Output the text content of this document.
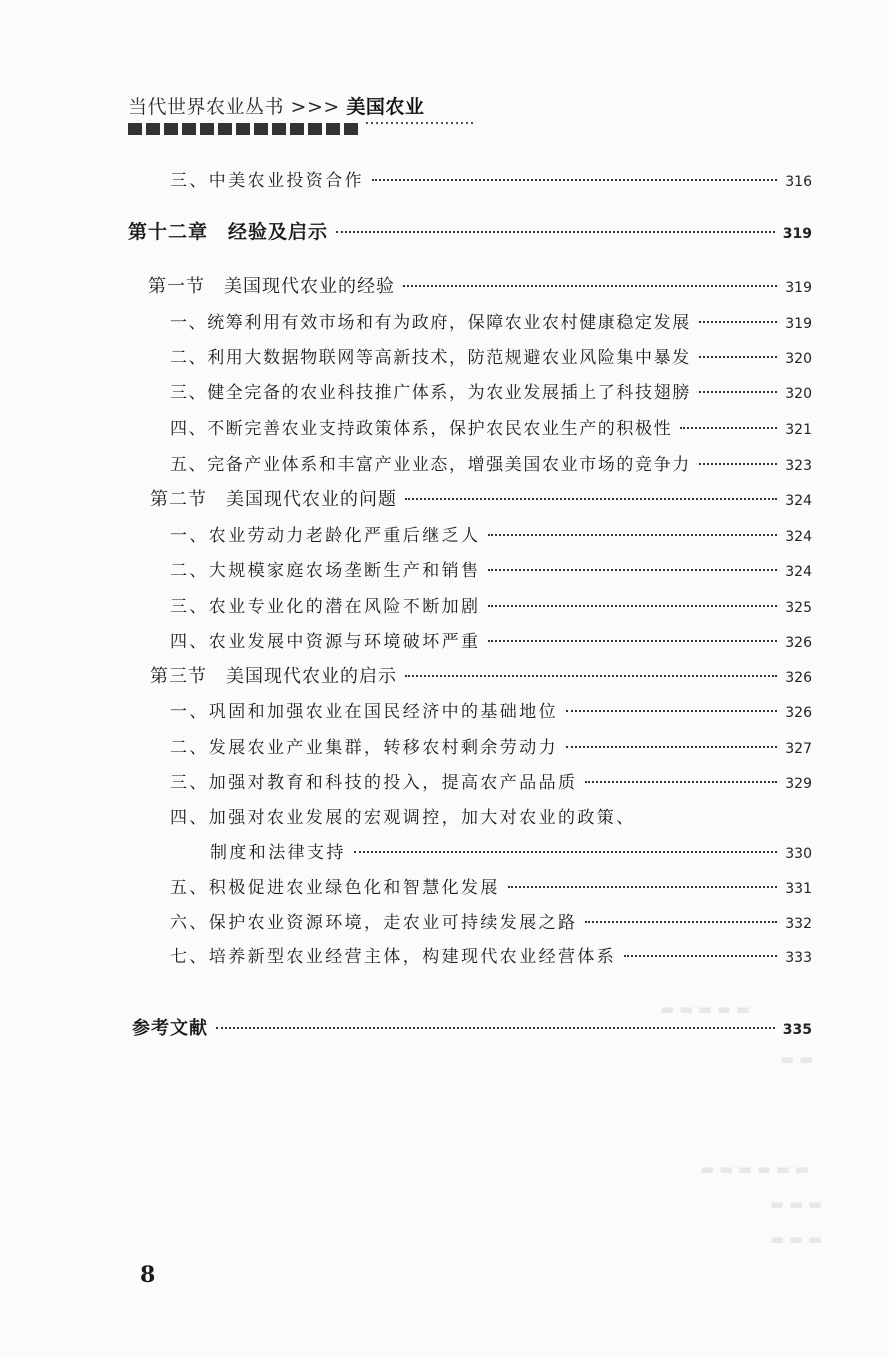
当代世界农业丛书 >>> 美国农业
三、中美农业投资合作	316
第十二章　经验及启示	319
第一节　美国现代农业的经验	319
一、统筹利用有效市场和有为政府，保障农业农村健康稳定发展	319
二、利用大数据物联网等高新技术，防范规避农业风险集中暴发	320
三、健全完备的农业科技推广体系，为农业发展插上了科技翅膀	320
四、不断完善农业支持政策体系，保护农民农业生产的积极性	321
五、完备产业体系和丰富产业业态，增强美国农业市场的竞争力	323
第二节　美国现代农业的问题	324
一、农业劳动力老龄化严重后继乏人	324
二、大规模家庭农场垄断生产和销售	324
三、农业专业化的潜在风险不断加剧	325
四、农业发展中资源与环境破坏严重	326
第三节　美国现代农业的启示	326
一、巩固和加强农业在国民经济中的基础地位	326
二、发展农业产业集群，转移农村剩余劳动力	327
三、加强对教育和科技的投入，提高农产品品质	329
四、加强对农业发展的宏观调控，加大对农业的政策、
制度和法律支持	330
五、积极促进农业绿色化和智慧化发展	331
六、保护农业资源环境，走农业可持续发展之路	332
七、培养新型农业经营主体，构建现代农业经营体系	333
参考文献	335
▬ ▬ ▬ ▬ ▬
▬ ▬
▬ ▬ ▬ ▬ ▬ ▬
▬ ▬ ▬
▬ ▬ ▬
8
